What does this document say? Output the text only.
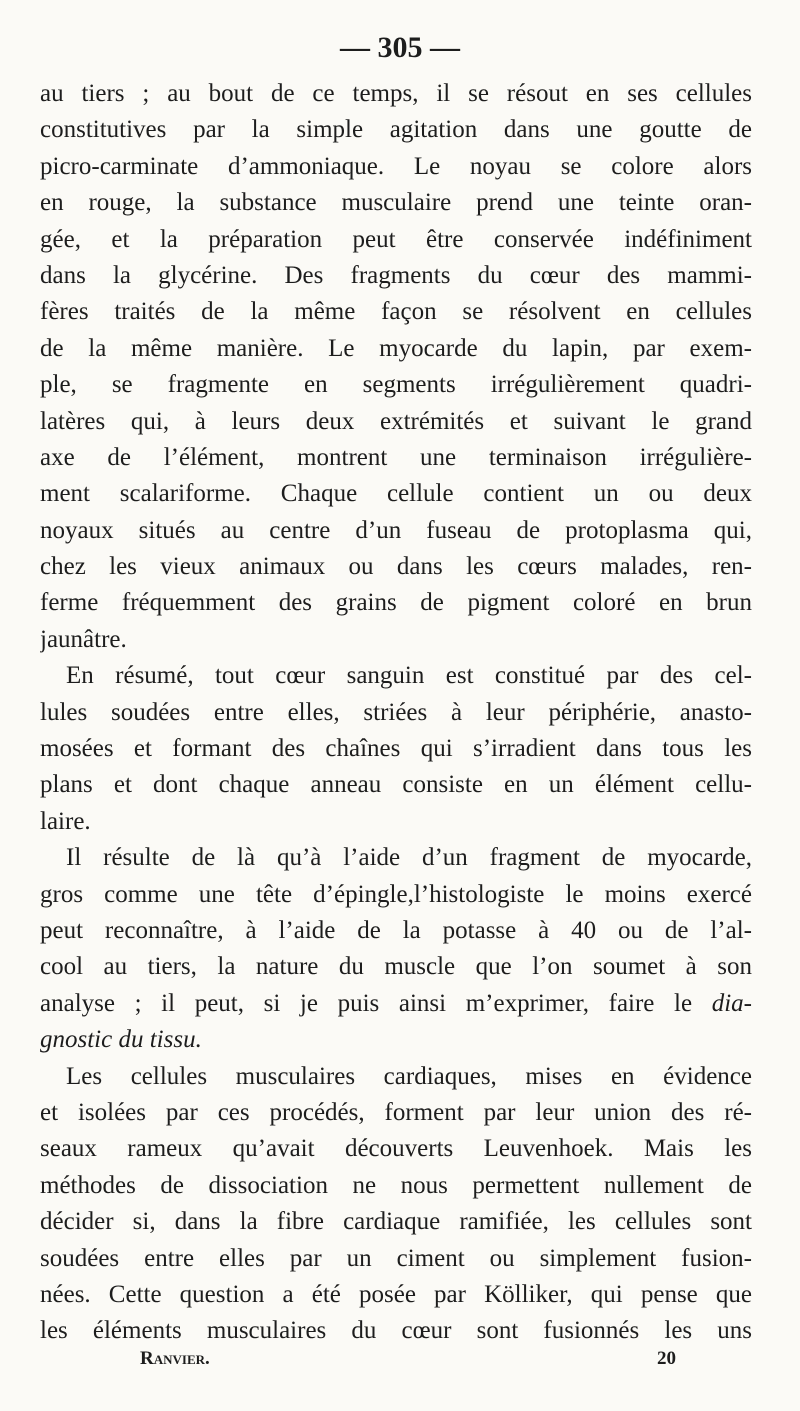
— 305 —
au tiers ; au bout de ce temps, il se résout en ses cellules
constitutives par la simple agitation dans une goutte de
picro-carminate d’ammoniaque. Le noyau se colore alors
en rouge, la substance musculaire prend une teinte oran-
gée, et la préparation peut être conservée indéfiniment
dans la glycérine. Des fragments du cœur des mammi-
fères traités de la même façon se résolvent en cellules
de la même manière. Le myocarde du lapin, par exem-
ple, se fragmente en segments irrégulièrement quadri-
latères qui, à leurs deux extrémités et suivant le grand
axe de l’élément, montrent une terminaison irrégulière-
ment scalariforme. Chaque cellule contient un ou deux
noyaux situés au centre d’un fuseau de protoplasma qui,
chez les vieux animaux ou dans les cœurs malades, ren-
ferme fréquemment des grains de pigment coloré en brun
jaunâtre.
En résumé, tout cœur sanguin est constitué par des cel-
lules soudées entre elles, striées à leur périphérie, anasto-
mosées et formant des chaînes qui s’irradient dans tous les
plans et dont chaque anneau consiste en un élément cellu-
laire.
Il résulte de là qu’à l’aide d’un fragment de myocarde,
gros comme une tête d’épingle,l’histologiste le moins exercé
peut reconnaître, à l’aide de la potasse à 40 ou de l’al-
cool au tiers, la nature du muscle que l’on soumet à son
analyse ; il peut, si je puis ainsi m’exprimer, faire le dia-
gnostic du tissu.
Les cellules musculaires cardiaques, mises en évidence
et isolées par ces procédés, forment par leur union des ré-
seaux rameux qu’avait découverts Leuvenhoek. Mais les
méthodes de dissociation ne nous permettent nullement de
décider si, dans la fibre cardiaque ramifiée, les cellules sont
soudées entre elles par un ciment ou simplement fusion-
nées. Cette question a été posée par Kölliker, qui pense que
les éléments musculaires du cœur sont fusionnés les uns
Ranvier.	20
